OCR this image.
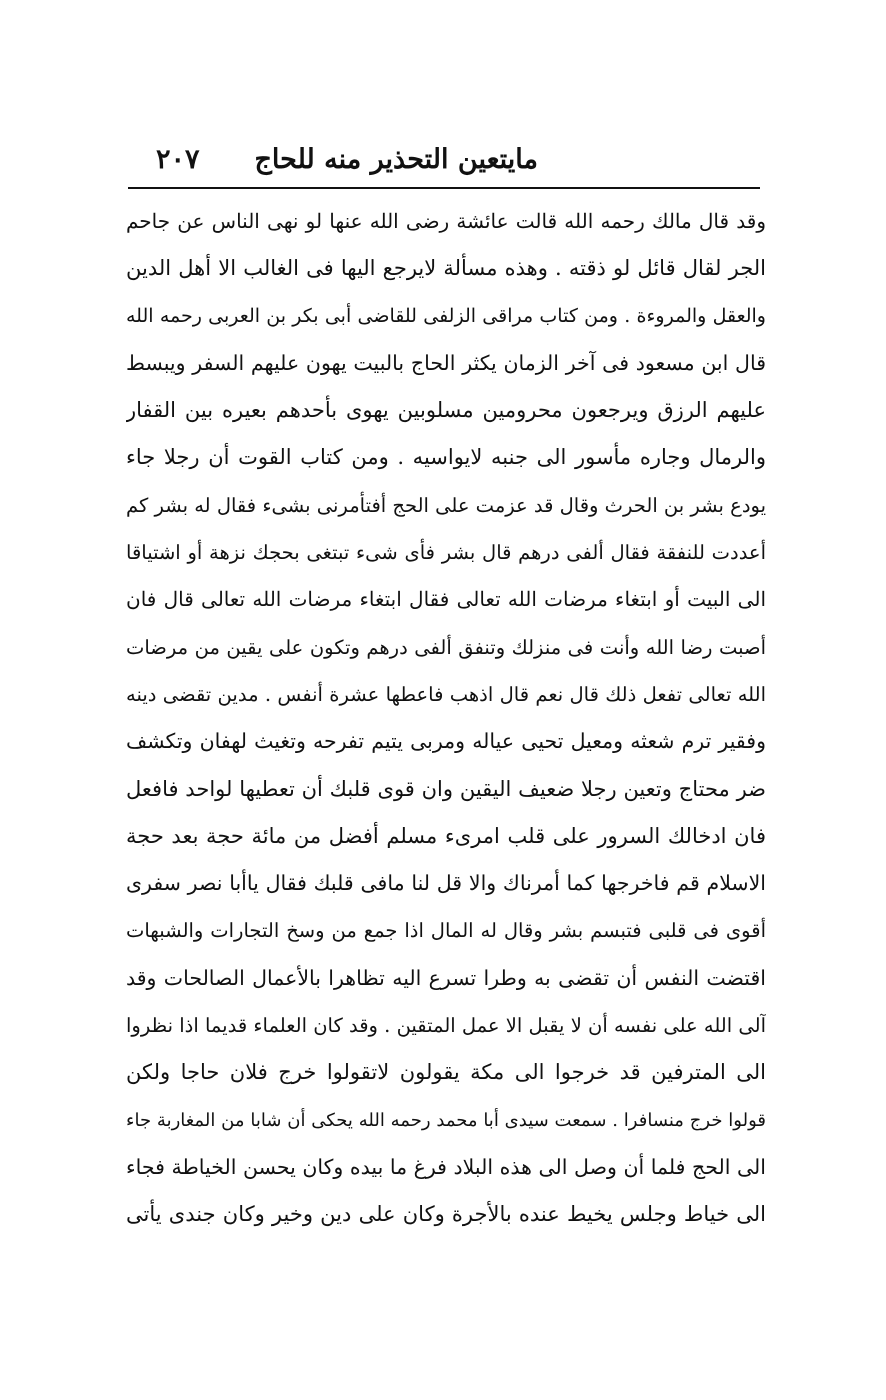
مايتعين التحذير منه للحاج
٢٠٧
وقد قال مالك رحمه الله قالت عائشة رضى الله عنها لو نهى الناس عن جاحم
الجر لقال قائل لو ذقته . وهذه مسألة لايرجع اليها فى الغالب الا أهل الدين
والعقل والمروءة . ومن كتاب مراقى الزلفى للقاضى أبى بكر بن العربى رحمه الله
قال ابن مسعود فى آخر الزمان يكثر الحاج بالبيت يهون عليهم السفر ويبسط
عليهم الرزق ويرجعون محرومين مسلوبين يهوى بأحدهم بعيره بين القفار
والرمال وجاره مأسور الى جنبه لايواسيه . ومن كتاب القوت أن رجلا جاء
يودع بشر بن الحرث وقال قد عزمت على الحج أفتأمرنى بشىء فقال له بشر كم
أعددت للنفقة فقال ألفى درهم قال بشر فأى شىء تبتغى بحجك نزهة أو اشتياقا
الى البيت أو ابتغاء مرضات الله تعالى فقال ابتغاء مرضات الله تعالى قال فان
أصبت رضا الله وأنت فى منزلك وتنفق ألفى درهم وتكون على يقين من مرضات
الله تعالى تفعل ذلك قال نعم قال اذهب فاعطها عشرة أنفس . مدين تقضى دينه
وفقير ترم شعثه ومعيل تحيى عياله ومربى يتيم تفرحه وتغيث لهفان وتكشف
ضر محتاج وتعين رجلا ضعيف اليقين وان قوى قلبك أن تعطيها لواحد فافعل
فان ادخالك السرور على قلب امرىء مسلم أفضل من مائة حجة بعد حجة
الاسلام قم فاخرجها كما أمرناك والا قل لنا مافى قلبك فقال ياأبا نصر سفرى
أقوى فى قلبى فتبسم بشر وقال له المال اذا جمع من وسخ التجارات والشبهات
اقتضت النفس أن تقضى به وطرا تسرع اليه تظاهرا بالأعمال الصالحات وقد
آلى الله على نفسه أن لا يقبل الا عمل المتقين . وقد كان العلماء قديما اذا نظروا
الى المترفين قد خرجوا الى مكة يقولون لاتقولوا خرج فلان حاجا ولكن
قولوا خرج منسافرا . سمعت سيدى أبا محمد رحمه الله يحكى أن شابا من المغاربة جاء
الى الحج فلما أن وصل الى هذه البلاد فرغ ما بيده وكان يحسن الخياطة فجاء
الى خياط وجلس يخيط عنده بالأجرة وكان على دين وخير وكان جندى يأتى
